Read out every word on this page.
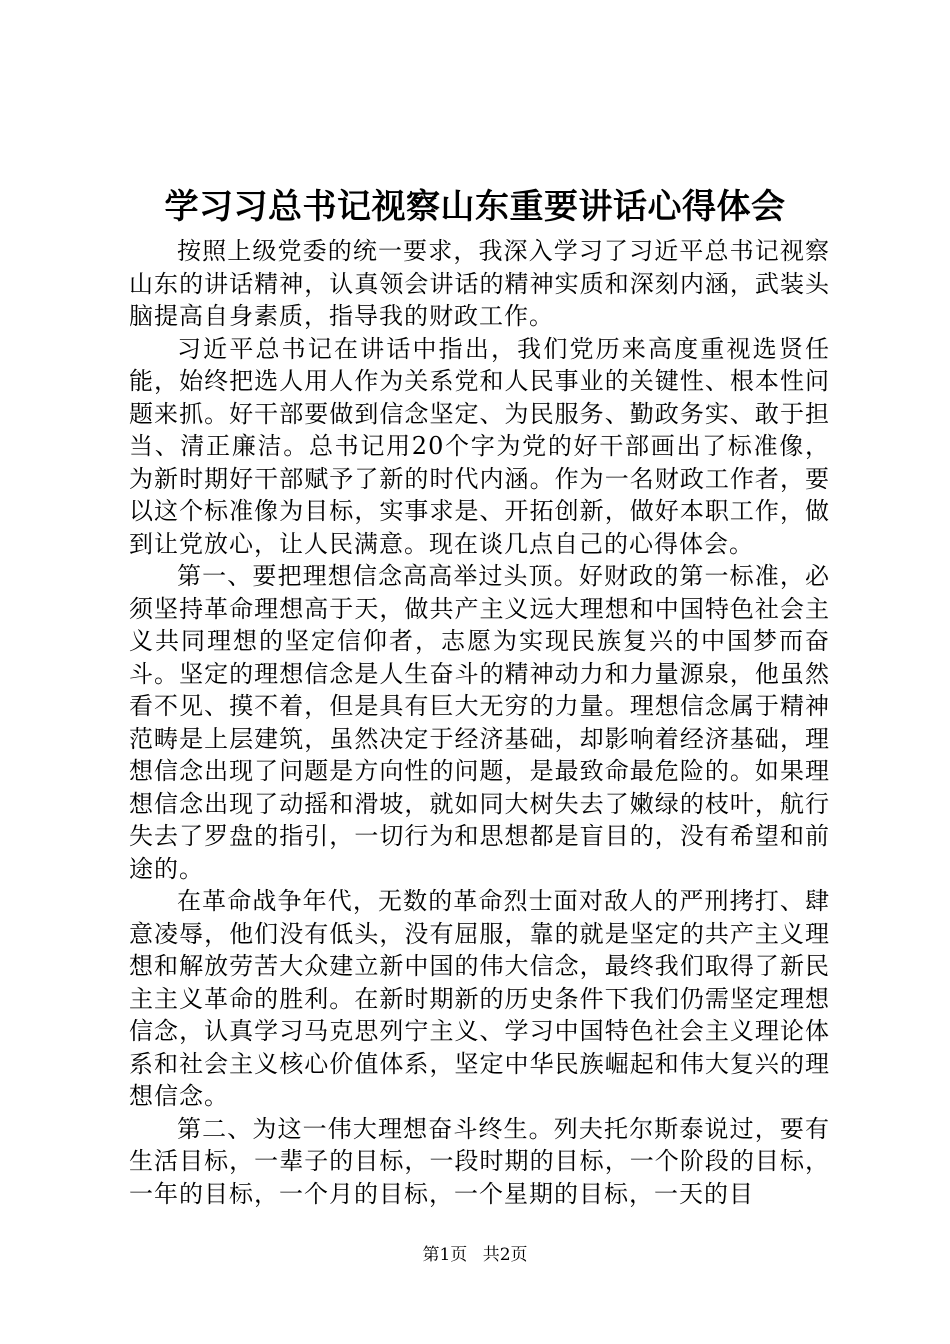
学习习总书记视察山东重要讲话心得体会

按照上级党委的统一要求，我深入学习了习近平总书记视察山东的讲话精神，认真领会讲话的精神实质和深刻内涵，武装头脑提高自身素质，指导我的财政工作。

习近平总书记在讲话中指出，我们党历来高度重视选贤任能，始终把选人用人作为关系党和人民事业的关键性、根本性问题来抓。好干部要做到信念坚定、为民服务、勤政务实、敢于担当、清正廉洁。总书记用20个字为党的好干部画出了标准像，为新时期好干部赋予了新的时代内涵。作为一名财政工作者，要以这个标准像为目标，实事求是、开拓创新，做好本职工作，做到让党放心，让人民满意。现在谈几点自己的心得体会。

第一、要把理想信念高高举过头顶。好财政的第一标准，必须坚持革命理想高于天，做共产主义远大理想和中国特色社会主义共同理想的坚定信仰者，志愿为实现民族复兴的中国梦而奋斗。坚定的理想信念是人生奋斗的精神动力和力量源泉，他虽然看不见、摸不着，但是具有巨大无穷的力量。理想信念属于精神范畴是上层建筑，虽然决定于经济基础，却影响着经济基础，理想信念出现了问题是方向性的问题，是最致命最危险的。如果理想信念出现了动摇和滑坡，就如同大树失去了嫩绿的枝叶，航行失去了罗盘的指引，一切行为和思想都是盲目的，没有希望和前途的。

在革命战争年代，无数的革命烈士面对敌人的严刑拷打、肆意凌辱，他们没有低头，没有屈服，靠的就是坚定的共产主义理想和解放劳苦大众建立新中国的伟大信念，最终我们取得了新民主主义革命的胜利。在新时期新的历史条件下我们仍需坚定理想信念，认真学习马克思列宁主义、学习中国特色社会主义理论体系和社会主义核心价值体系，坚定中华民族崛起和伟大复兴的理想信念。

第二、为这一伟大理想奋斗终生。列夫托尔斯泰说过，要有生活目标，一辈子的目标，一段时期的目标，一个阶段的目标，一年的目标，一个月的目标，一个星期的目标，一天的目

第1页 共2页
